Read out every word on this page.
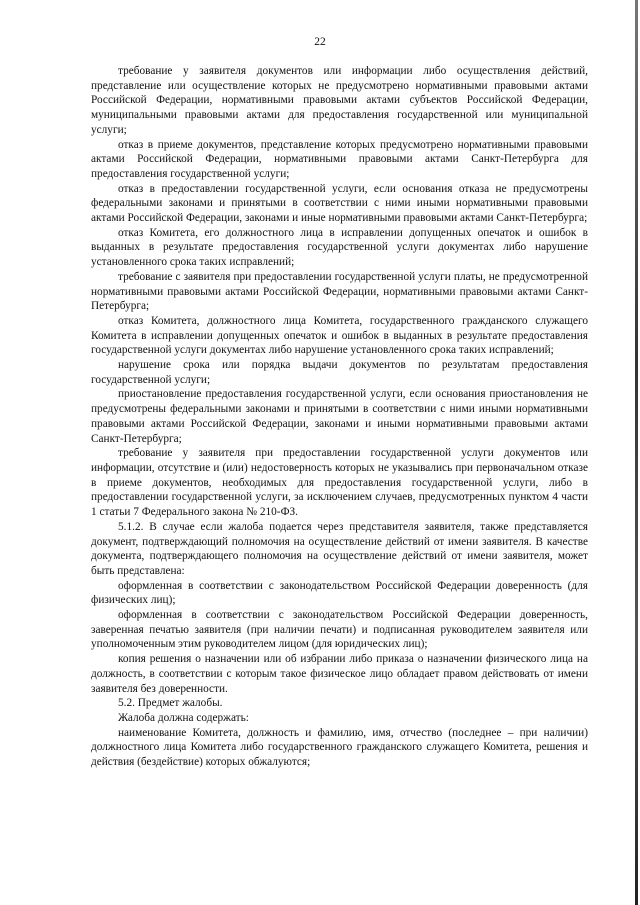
22

требование у заявителя документов или информации либо осуществления действий, представление или осуществление которых не предусмотрено нормативными правовыми актами Российской Федерации, нормативными правовыми актами субъектов Российской Федерации, муниципальными правовыми актами для предоставления государственной или муниципальной услуги;

отказ в приеме документов, представление которых предусмотрено нормативными правовыми актами Российской Федерации, нормативными правовыми актами Санкт-Петербурга для предоставления государственной услуги;

отказ в предоставлении государственной услуги, если основания отказа не предусмотрены федеральными законами и принятыми в соответствии с ними иными нормативными правовыми актами Российской Федерации, законами и иные нормативными правовыми актами Санкт-Петербурга;

отказ Комитета, его должностного лица в исправлении допущенных опечаток и ошибок в выданных в результате предоставления государственной услуги документах либо нарушение установленного срока таких исправлений;

требование с заявителя при предоставлении государственной услуги платы, не предусмотренной нормативными правовыми актами Российской Федерации, нормативными правовыми актами Санкт-Петербурга;

отказ Комитета, должностного лица Комитета, государственного гражданского служащего Комитета в исправлении допущенных опечаток и ошибок в выданных в результате предоставления государственной услуги документах либо нарушение установленного срока таких исправлений;

нарушение срока или порядка выдачи документов по результатам предоставления государственной услуги;

приостановление предоставления государственной услуги, если основания приостановления не предусмотрены федеральными законами и принятыми в соответствии с ними иными нормативными правовыми актами Российской Федерации, законами и иными нормативными правовыми актами Санкт-Петербурга;

требование у заявителя при предоставлении государственной услуги документов или информации, отсутствие и (или) недостоверность которых не указывались при первоначальном отказе в приеме документов, необходимых для предоставления государственной услуги, либо в предоставлении государственной услуги, за исключением случаев, предусмотренных пунктом 4 части 1 статьи 7 Федерального закона № 210-ФЗ.

5.1.2. В случае если жалоба подается через представителя заявителя, также представляется документ, подтверждающий полномочия на осуществление действий от имени заявителя. В качестве документа, подтверждающего полномочия на осуществление действий от имени заявителя, может быть представлена:

оформленная в соответствии с законодательством Российской Федерации доверенность (для физических лиц);

оформленная в соответствии с законодательством Российской Федерации доверенность, заверенная печатью заявителя (при наличии печати) и подписанная руководителем заявителя или уполномоченным этим руководителем лицом (для юридических лиц);

копия решения о назначении или об избрании либо приказа о назначении физического лица на должность, в соответствии с которым такое физическое лицо обладает правом действовать от имени заявителя без доверенности.

5.2. Предмет жалобы.

Жалоба должна содержать:

наименование Комитета, должность и фамилию, имя, отчество (последнее – при наличии) должностного лица Комитета либо государственного гражданского служащего Комитета, решения и действия (бездействие) которых обжалуются;
